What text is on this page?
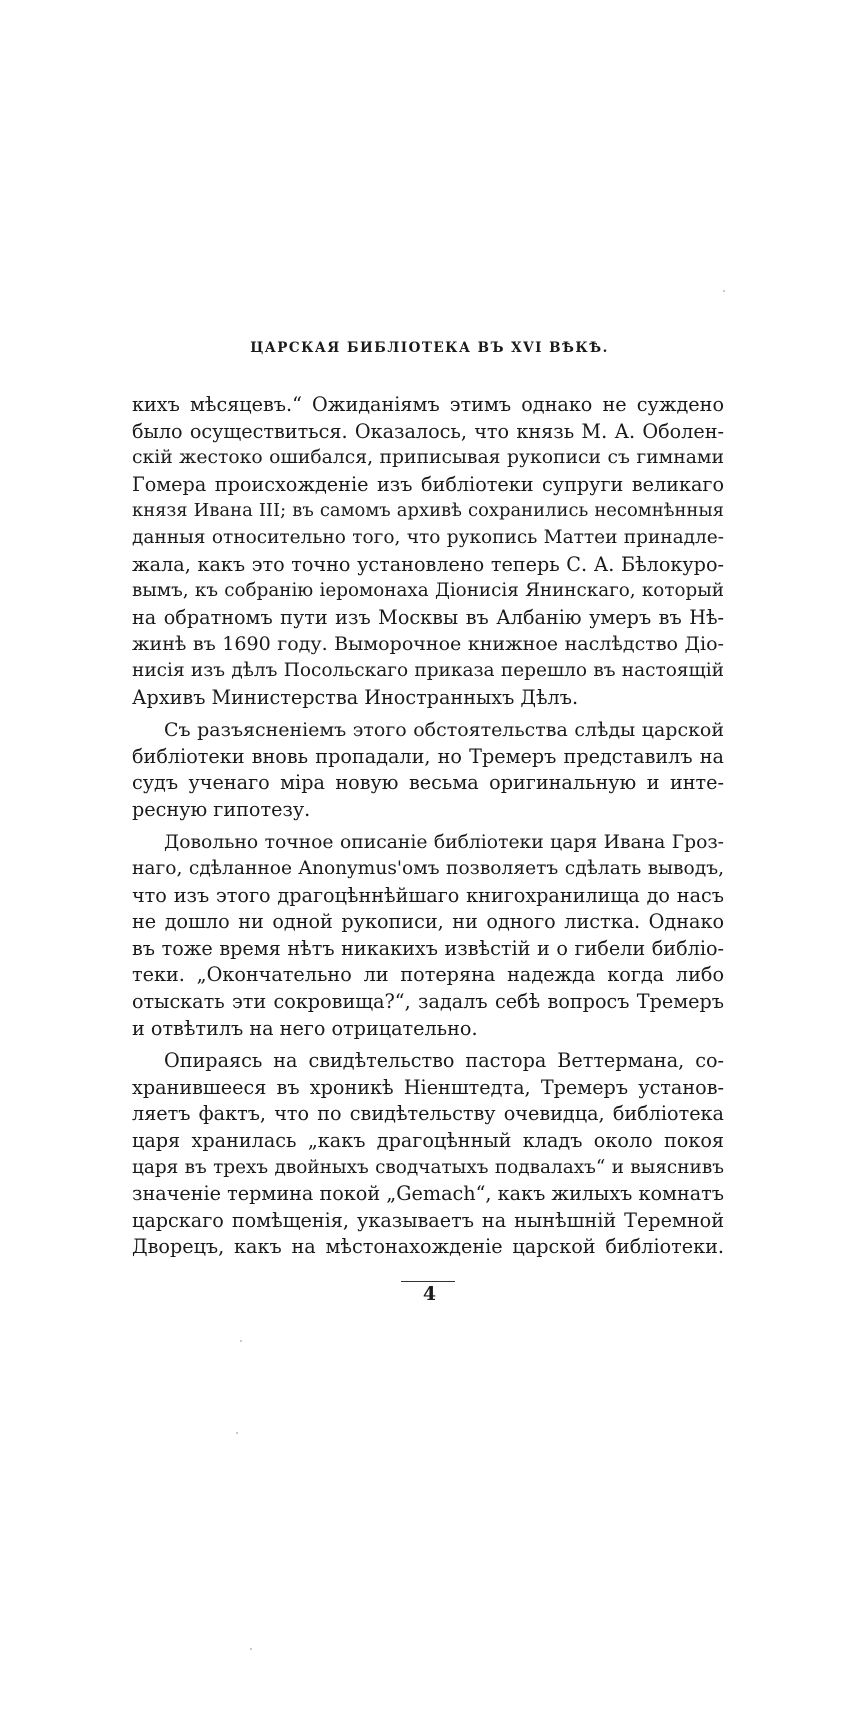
ЦАРСКАЯ БИБЛIОТЕКА ВЪ XVI ВѢКѢ.
кихъ мѣсяцевъ.“ Ожиданiямъ этимъ однако не суждено
было осуществиться. Оказалось, что князь М. А. Оболен-
скiй жестоко ошибался, приписывая рукописи съ гимнами
Гомера происхожденiе изъ библiотеки супруги великаго
князя Ивана III; въ самомъ архивѣ сохранились несомнѣнныя
данныя относительно того, что рукопись Маттеи принадле-
жала, какъ это точно установлено теперь С. А. Бѣлокуро-
вымъ, къ собранiю iеромонаха Дiонисiя Янинскаго, который
на обратномъ пути изъ Москвы въ Албанiю умеръ въ Нѣ-
жинѣ въ 1690 году. Выморочное книжное наслѣдство Дiо-
нисiя изъ дѣлъ Посольскаго приказа перешло въ настоящiй
Архивъ Министерства Иностранныхъ Дѣлъ.
Съ разъясненiемъ этого обстоятельства слѣды царской
библiотеки вновь пропадали, но Тремеръ представилъ на
судъ ученаго мiра новую весьма оригинальную и инте-
ресную гипотезу.
Довольно точное описанiе библiотеки царя Ивана Гроз-
наго, сдѣланное Anonymus'омъ позволяетъ сдѣлать выводъ,
что изъ этого драгоцѣннѣйшаго книгохранилища до насъ
не дошло ни одной рукописи, ни одного листка. Однако
въ тоже время нѣтъ никакихъ извѣстiй и о гибели библiо-
теки. „Окончательно ли потеряна надежда когда либо
отыскать эти сокровища?“, задалъ себѣ вопросъ Тремеръ
и отвѣтилъ на него отрицательно.
Опираясь на свидѣтельство пастора Веттермана, со-
хранившееся въ хроникѣ Нiенштедта, Тремеръ установ-
ляетъ фактъ, что по свидѣтельству очевидца, библiотека
царя хранилась „какъ драгоцѣнный кладъ около покоя
царя въ трехъ двойныхъ сводчатыхъ подвалахъ“ и выяснивъ
значенiе термина покой „Gemach“, какъ жилыхъ комнатъ
царскаго помѣщенiя, указываетъ на нынѣшнiй Теремной
Дворецъ, какъ на мѣстонахожденiе царской библiотеки.
4
